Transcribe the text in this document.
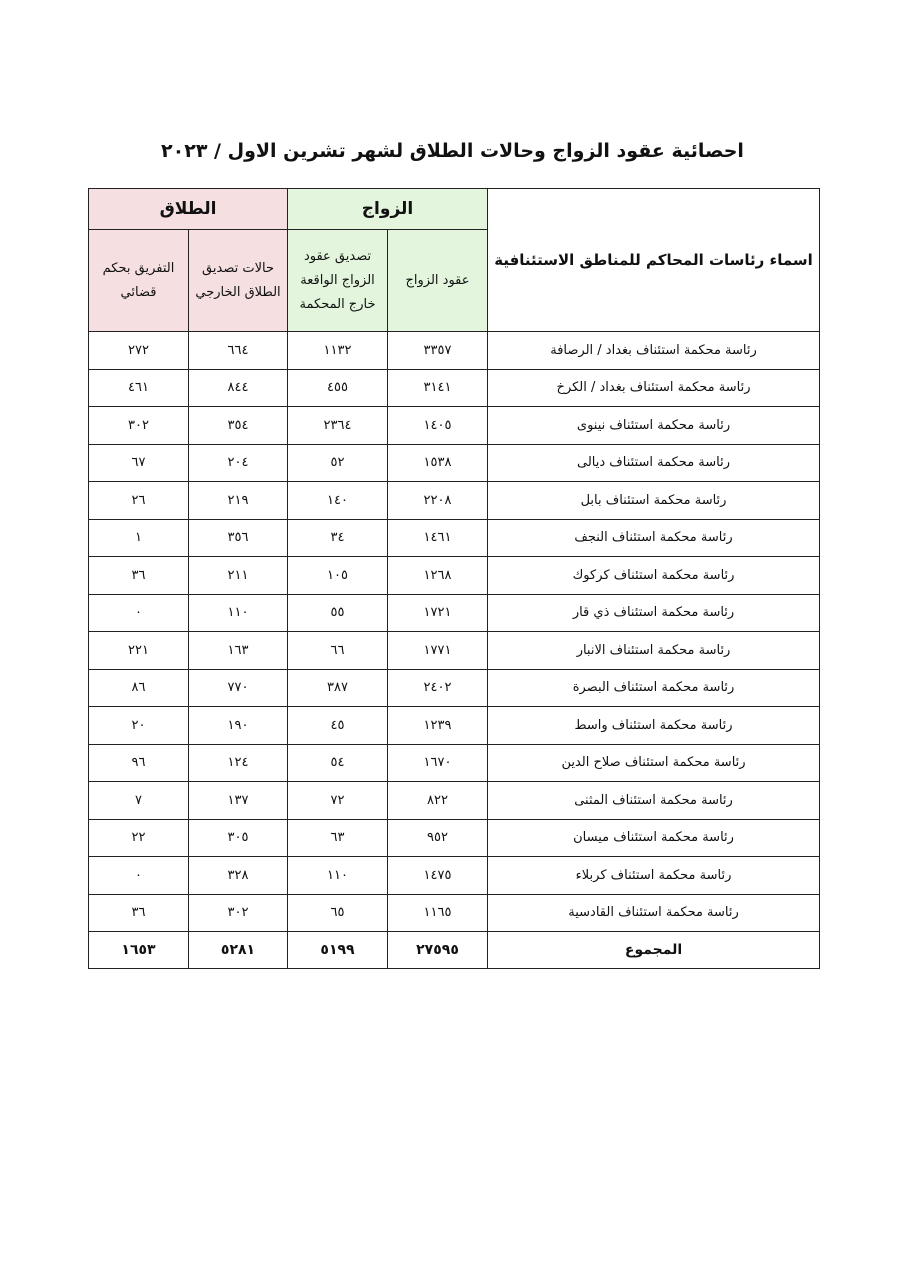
احصائية عقود الزواج وحالات الطلاق لشهر تشرين الاول / ٢٠٢٣
اسماء رئاسات المحاكم للمناطق الاستئنافية	الزواج		الطلاق	
	عقود الزواج	تصديق عقود الزواج الواقعة خارج المحكمة	حالات تصديق الطلاق الخارجي	التفريق بحكم قضائي
رئاسة محكمة استئناف بغداد / الرصافة	٣٣٥٧	١١٣٢	٦٦٤	٢٧٢
رئاسة محكمة استئناف بغداد / الكرخ	٣١٤١	٤٥٥	٨٤٤	٤٦١
رئاسة محكمة استئناف نينوى	١٤٠٥	٢٣٦٤	٣٥٤	٣٠٢
رئاسة محكمة استئناف ديالى	١٥٣٨	٥٢	٢٠٤	٦٧
رئاسة محكمة استئناف بابل	٢٢٠٨	١٤٠	٢١٩	٢٦
رئاسة محكمة استئناف النجف	١٤٦١	٣٤	٣٥٦	١
رئاسة محكمة استئناف كركوك	١٢٦٨	١٠٥	٢١١	٣٦
رئاسة محكمة استئناف ذي قار	١٧٢١	٥٥	١١٠	٠
رئاسة محكمة استئناف الانبار	١٧٧١	٦٦	١٦٣	٢٢١
رئاسة محكمة استئناف البصرة	٢٤٠٢	٣٨٧	٧٧٠	٨٦
رئاسة محكمة استئناف واسط	١٢٣٩	٤٥	١٩٠	٢٠
رئاسة محكمة استئناف صلاح الدين	١٦٧٠	٥٤	١٢٤	٩٦
رئاسة محكمة استئناف المثنى	٨٢٢	٧٢	١٣٧	٧
رئاسة محكمة استئناف ميسان	٩٥٢	٦٣	٣٠٥	٢٢
رئاسة محكمة استئناف كربلاء	١٤٧٥	١١٠	٣٢٨	٠
رئاسة محكمة استئناف القادسية	١١٦٥	٦٥	٣٠٢	٣٦
المجموع	٢٧٥٩٥	٥١٩٩	٥٢٨١	١٦٥٣
